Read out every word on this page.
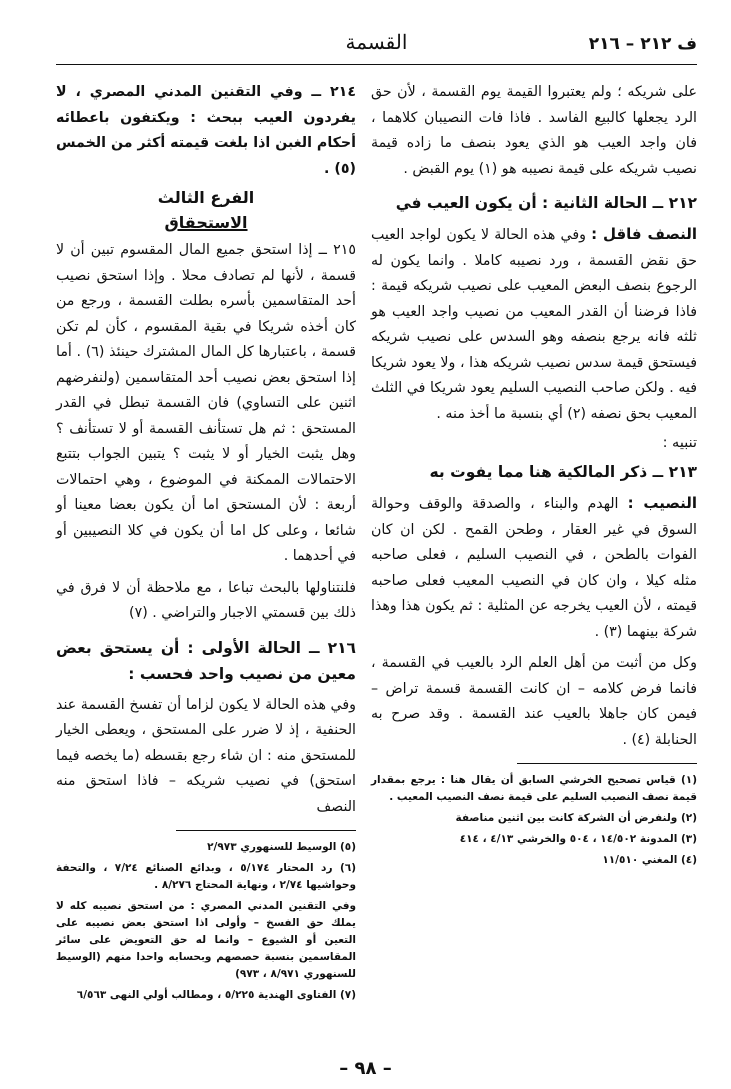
ف ٢١٢ – ٢١٦
القسمة

على شريكه ؛ ولم يعتبروا القيمة يوم القسمة ، لأن حق الرد يجعلها كالبيع الفاسد . فاذا فات النصيبان كلاهما ، فان واجد العيب هو الذي يعود بنصف ما زاده قيمة نصيب شريكه على قيمة نصيبه هو (١) يوم القبض .

٢١٢ ــ الحالة الثانية : أن يكون العيب في

النصف فاقل : وفي هذه الحالة لا يكون لواجد العيب حق نقض القسمة ، ورد نصيبه كاملا . وانما يكون له الرجوع بنصف البعض المعيب على نصيب شريكه قيمة : فاذا فرضنا أن القدر المعيب من نصيب واجد العيب هو ثلثه فانه يرجع بنصفه وهو السدس على نصيب شريكه فيستحق قيمة سدس نصيب شريكه هذا ، ولا يعود شريكا فيه . ولكن صاحب النصيب السليم يعود شريكا في الثلث المعيب بحق نصفه (٢) أي بنسبة ما أخذ منه .

تنبيه :
٢١٣ ــ ذكر المالكية هنا مما يفوت به

النصيب : الهدم والبناء ، والصدقة والوقف وحوالة السوق في غير العقار ، وطحن القمح . لكن ان كان الفوات بالطحن ، في النصيب السليم ، فعلى صاحبه مثله كيلا ، وان كان في النصيب المعيب فعلى صاحبه قيمته ، لأن العيب يخرجه عن المثلية : ثم يكون هذا وهذا شركة بينهما (٣) .

وكل من أثبت من أهل العلم الرد بالعيب في القسمة ، فانما فرض كلامه – ان كانت القسمة قسمة تراض – فيمن كان جاهلا بالعيب عند القسمة . وقد صرح به الحنابلة (٤) .

(١) قياس تصحيح الخرشي السابق أن يقال هنا : يرجع بمقدار قيمة نصف النصيب السليم على قيمة نصف النصيب المعيب .
(٢) ولنفرض أن الشركة كانت بين اثنين مناصفة
(٣) المدونة ١٤/٥٠٢ ، ٥٠٤ والخرشي ٤/١٣ ، ٤١٤
(٤) المغني ١١/٥١٠

٢١٤ ــ وفي التقنين المدني المصري ، لا يفردون العيب ببحث : ويكتفون باعطائه أحكام الغبن اذا بلغت قيمته أكثر من الخمس (٥) .

الفرع الثالث
الاستحقاق

٢١٥ ــ إذا استحق جميع المال المقسوم تبين أن لا قسمة ، لأنها لم تصادف محلا . وإذا استحق نصيب أحد المتقاسمين بأسره بطلت القسمة ، ورجع من كان أخذه شريكا في بقية المقسوم ، كأن لم تكن قسمة ، باعتبارها كل المال المشترك حينئذ (٦) . أما إذا استحق بعض نصيب أحد المتقاسمين (ولنفرضهم اثنين على التساوي) فان القسمة تبطل في القدر المستحق : ثم هل تستأنف القسمة أو لا تستأنف ؟ وهل يثبت الخيار أو لا يثبت ؟ يتبين الجواب بتتبع الاحتمالات الممكنة في الموضوع ، وهي احتمالات أربعة : لأن المستحق اما أن يكون بعضا معينا أو شائعا ، وعلى كل اما أن يكون في كلا النصيبين أو في أحدهما .

فلنتناولها بالبحث تباعا ، مع ملاحظة أن لا فرق في ذلك بين قسمتي الاجبار والتراضي . (٧)

٢١٦ ــ الحالة الأولى : أن يستحق بعض معين من نصيب واحد فحسب :

وفي هذه الحالة لا يكون لزاما أن تفسخ القسمة عند الحنفية ، إذ لا ضرر على المستحق ، ويعطى الخيار للمستحق منه : ان شاء رجع بقسطه (ما يخصه فيما استحق) في نصيب شريكه – فاذا استحق منه النصف

(٥) الوسيط للسنهوري ٢/٩٧٣
(٦) رد المحتار ٥/١٧٤ ، وبدائع الصنائع ٧/٢٤ ، والتحفة وحواشيها ٢/٧٤ ، ونهاية المحتاج ٨/٢٧٦ .
وفي التقنين المدني المصري : من استحق نصيبه كله لا يملك حق الفسخ – وأولى اذا استحق بعض نصيبه على التعين أو الشيوع – وانما له حق التعويض على سائر المقاسمين بنسبة حصصهم وبحسابه واحدا منهم (الوسيط للسنهوري ٨/٩٧١ ، ٩٧٣)
(٧) الفتاوى الهندية ٥/٢٢٥ ، ومطالب أولي النهى ٦/٥٦٣
– ٩٨ –
